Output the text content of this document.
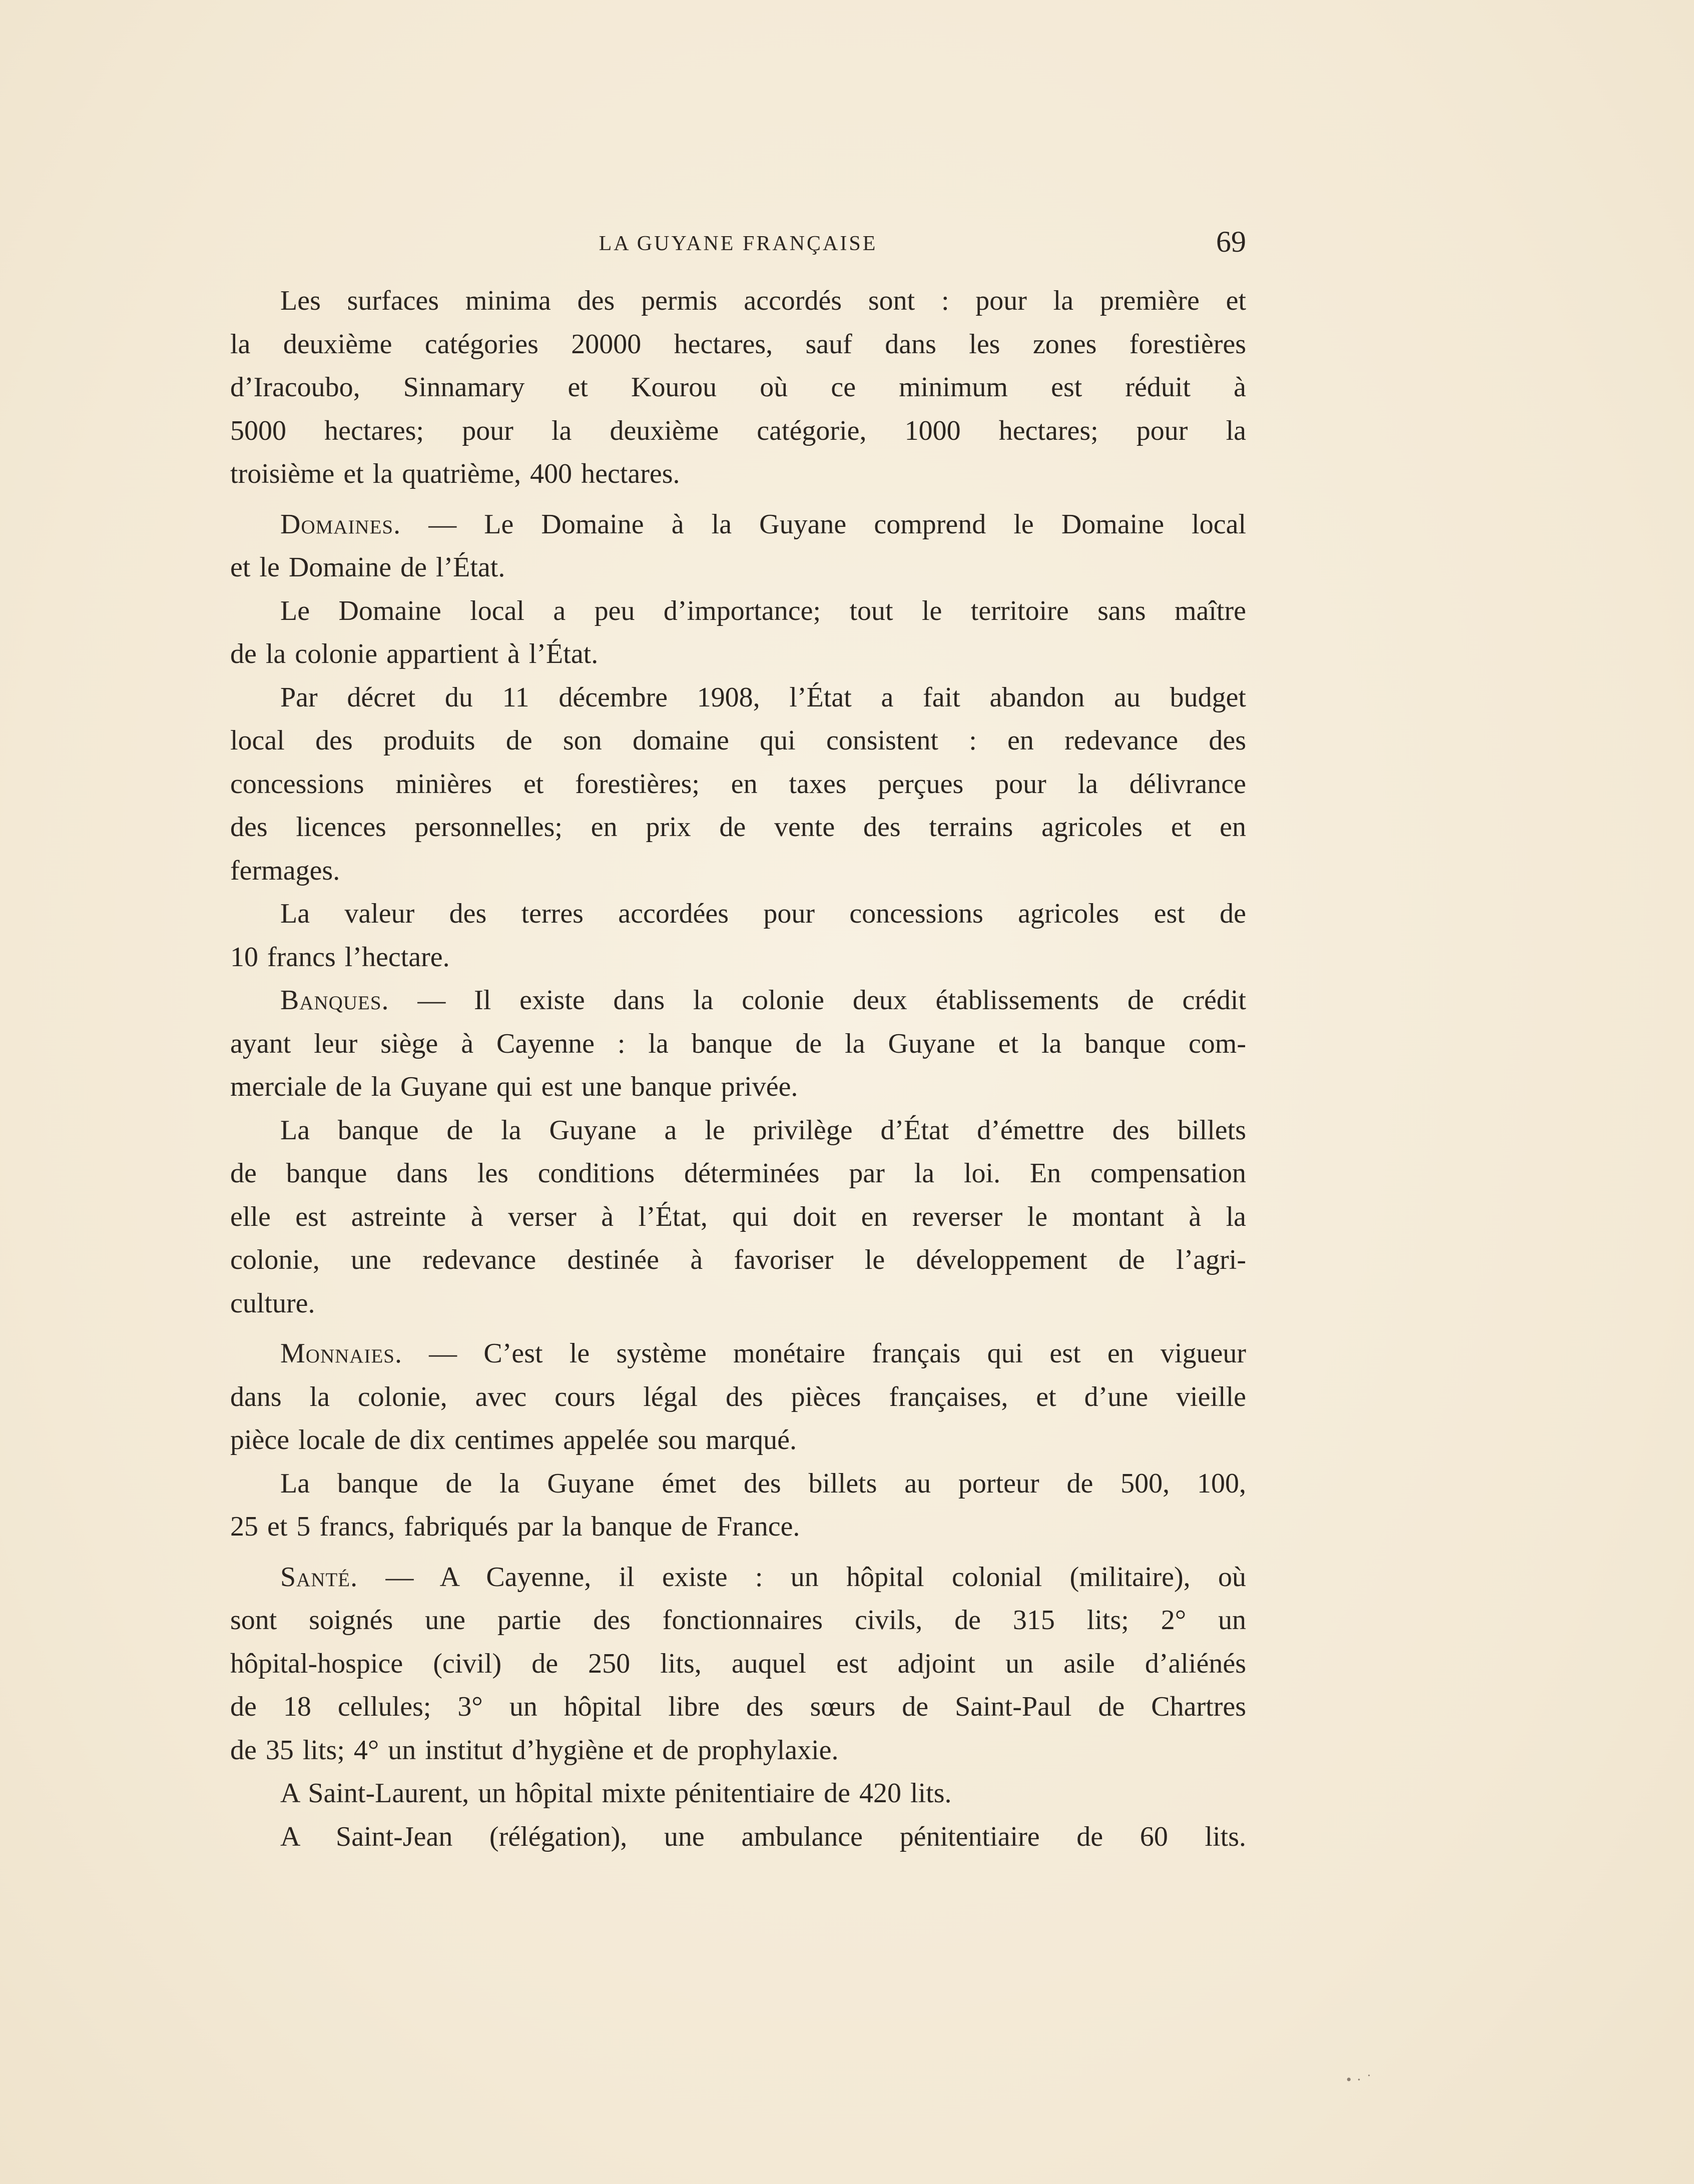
LA GUYANE FRANÇAISE	69
Les surfaces minima des permis accordés sont : pour la première et
la deuxième catégories 20000 hectares, sauf dans les zones forestières
d’Iracoubo, Sinnamary et Kourou où ce minimum est réduit à
5000 hectares; pour la deuxième catégorie, 1000 hectares; pour la
troisième et la quatrième, 400 hectares.
Domaines. — Le Domaine à la Guyane comprend le Domaine local
et le Domaine de l’État.
Le Domaine local a peu d’importance; tout le territoire sans maître
de la colonie appartient à l’État.
Par décret du 11 décembre 1908, l’État a fait abandon au budget
local des produits de son domaine qui consistent : en redevance des
concessions minières et forestières; en taxes perçues pour la délivrance
des licences personnelles; en prix de vente des terrains agricoles et en
fermages.
La valeur des terres accordées pour concessions agricoles est de
10 francs l’hectare.
Banques. — Il existe dans la colonie deux établissements de crédit
ayant leur siège à Cayenne : la banque de la Guyane et la banque com-
merciale de la Guyane qui est une banque privée.
La banque de la Guyane a le privilège d’État d’émettre des billets
de banque dans les conditions déterminées par la loi. En compensation
elle est astreinte à verser à l’État, qui doit en reverser le montant à la
colonie, une redevance destinée à favoriser le développement de l’agri-
culture.
Monnaies. — C’est le système monétaire français qui est en vigueur
dans la colonie, avec cours légal des pièces françaises, et d’une vieille
pièce locale de dix centimes appelée sou marqué.
La banque de la Guyane émet des billets au porteur de 500, 100,
25 et 5 francs, fabriqués par la banque de France.
Santé. — A Cayenne, il existe : un hôpital colonial (militaire), où
sont soignés une partie des fonctionnaires civils, de 315 lits; 2° un
hôpital-hospice (civil) de 250 lits, auquel est adjoint un asile d’aliénés
de 18 cellules; 3° un hôpital libre des sœurs de Saint-Paul de Chartres
de 35 lits; 4° un institut d’hygiène et de prophylaxie.
A Saint-Laurent, un hôpital mixte pénitentiaire de 420 lits.
A Saint-Jean (rélégation), une ambulance pénitentiaire de 60 lits.
•·˙
